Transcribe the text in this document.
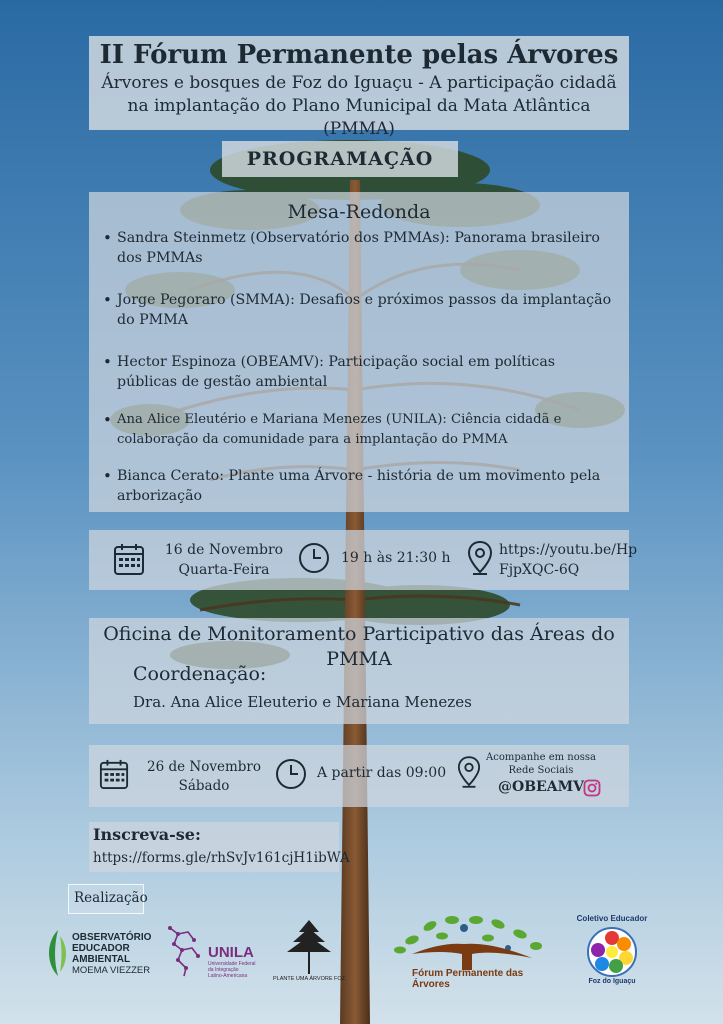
II Fórum Permanente pelas Árvores
Árvores e bosques de Foz do Iguaçu - A participação cidadã na implantação do Plano Municipal da Mata Atlântica (PMMA)
PROGRAMAÇÃO
Mesa-Redonda
• Sandra Steinmetz (Observatório dos PMMAs): Panorama brasileiro dos PMMAs
• Jorge Pegoraro (SMMA): Desafios e próximos passos da implantação do PMMA
• Hector Espinoza (OBEAMV): Participação social em políticas públicas de gestão ambiental
• Ana Alice Eleutério e Mariana Menezes (UNILA): Ciência cidadã e colaboração da comunidade para a implantação do PMMA
• Bianca Cerato: Plante uma Árvore - história de um movimento pela arborização
16 de Novembro
Quarta-Feira
19 h às 21:30 h	https://youtu.be/Hp
FjpXQC-6Q
Oficina de Monitoramento Participativo das Áreas do PMMA
Coordenação:
Dra. Ana Alice Eleuterio e Mariana Menezes
26 de Novembro
Sábado
A partir das 09:00
Acompanhe em nossa
Rede Sociais
@OBEAMV
Inscreva-se:
https://forms.gle/rhSvJv161cjH1ibWA
Realização
OBSERVATÓRIO
EDUCADOR
AMBIENTAL
MOEMA VIEZZER
UNILA
Universidade Federal
da Integração
Latino-Americana	PLANTE UMA ÁRVORE FOZ	Fórum Permanente das Árvores
Coletivo Educador
Foz do Iguaçu
